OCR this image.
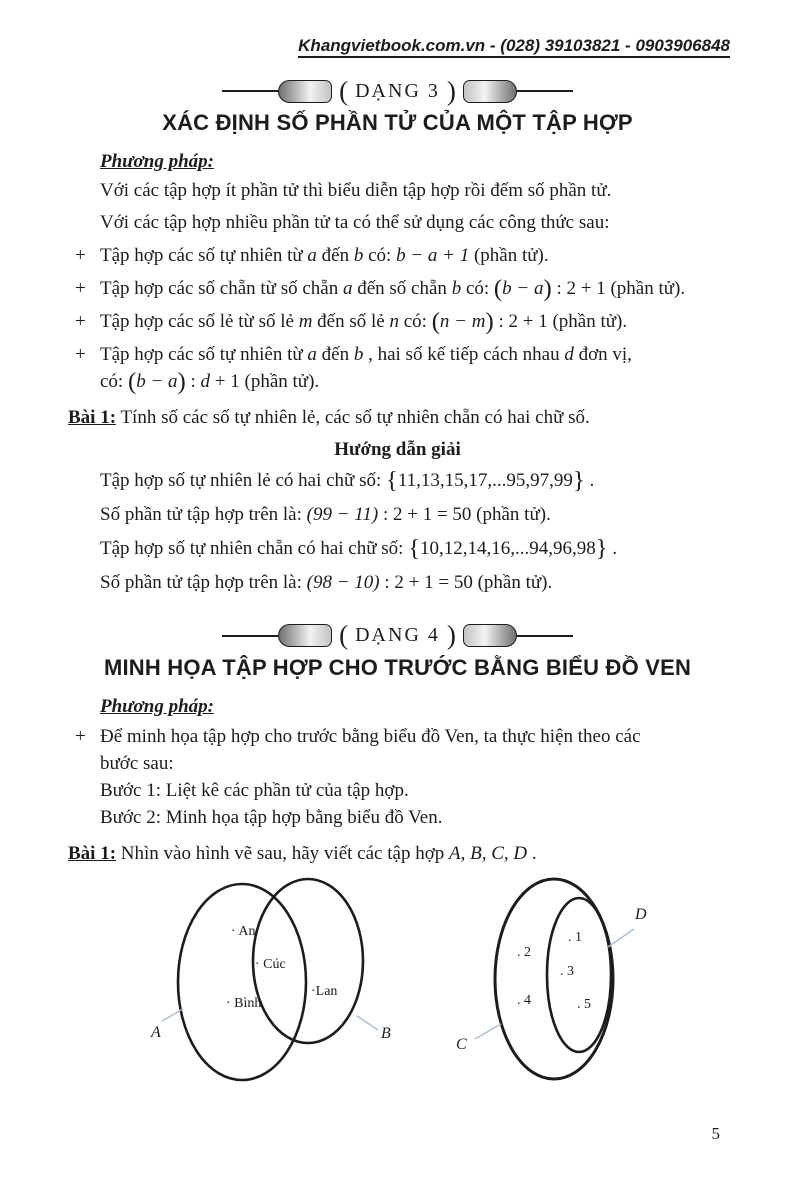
Khangvietbook.com.vn - (028) 39103821 - 0903906848
( DẠNG 3 )
XÁC ĐỊNH SỐ PHẦN TỬ CỦA MỘT TẬP HỢP
Phương pháp:

Với các tập hợp ít phần tử thì biểu diễn tập hợp rồi đếm số phần tử.

Với các tập hợp nhiều phần tử ta có thể sử dụng các công thức sau:

+ Tập hợp các số tự nhiên từ a đến b có: b − a + 1 (phần tử).

+ Tập hợp các số chẵn từ số chẵn a đến số chẵn b có: (b − a) : 2 + 1 (phần tử).

+ Tập hợp các số lẻ từ số lẻ m đến số lẻ n có: (n − m) : 2 + 1 (phần tử).

+ Tập hợp các số tự nhiên từ a đến b , hai số kế tiếp cách nhau d đơn vị,

có: (b − a) : d + 1 (phần tử).

Bài 1: Tính số các số tự nhiên lẻ, các số tự nhiên chẵn có hai chữ số.

Hướng dẫn giải

Tập hợp số tự nhiên lẻ có hai chữ số: {11,13,15,17,...95,97,99} .

Số phần tử tập hợp trên là: (99 − 11) : 2 + 1 = 50 (phần tử).

Tập hợp số tự nhiên chẵn có hai chữ số: {10,12,14,16,...94,96,98} .

Số phần tử tập hợp trên là: (98 − 10) : 2 + 1 = 50 (phần tử).

( DẠNG 4 )
MINH HỌA TẬP HỢP CHO TRƯỚC BẰNG BIỂU ĐỒ VEN
Phương pháp:
+ Để minh họa tập hợp cho trước bằng biểu đồ Ven, ta thực hiện theo các

bước sau:

Bước 1: Liệt kê các phần tử của tập hợp.

Bước 2: Minh họa tập hợp bằng biểu đồ Ven.

Bài 1: Nhìn vào hình vẽ sau, hãy viết các tập hợp A, B, C, D .

· An
· Cúc
· Bình
·Lan
A	B
. 2
. 4
. 1
. 3
. 5
C
D
5
